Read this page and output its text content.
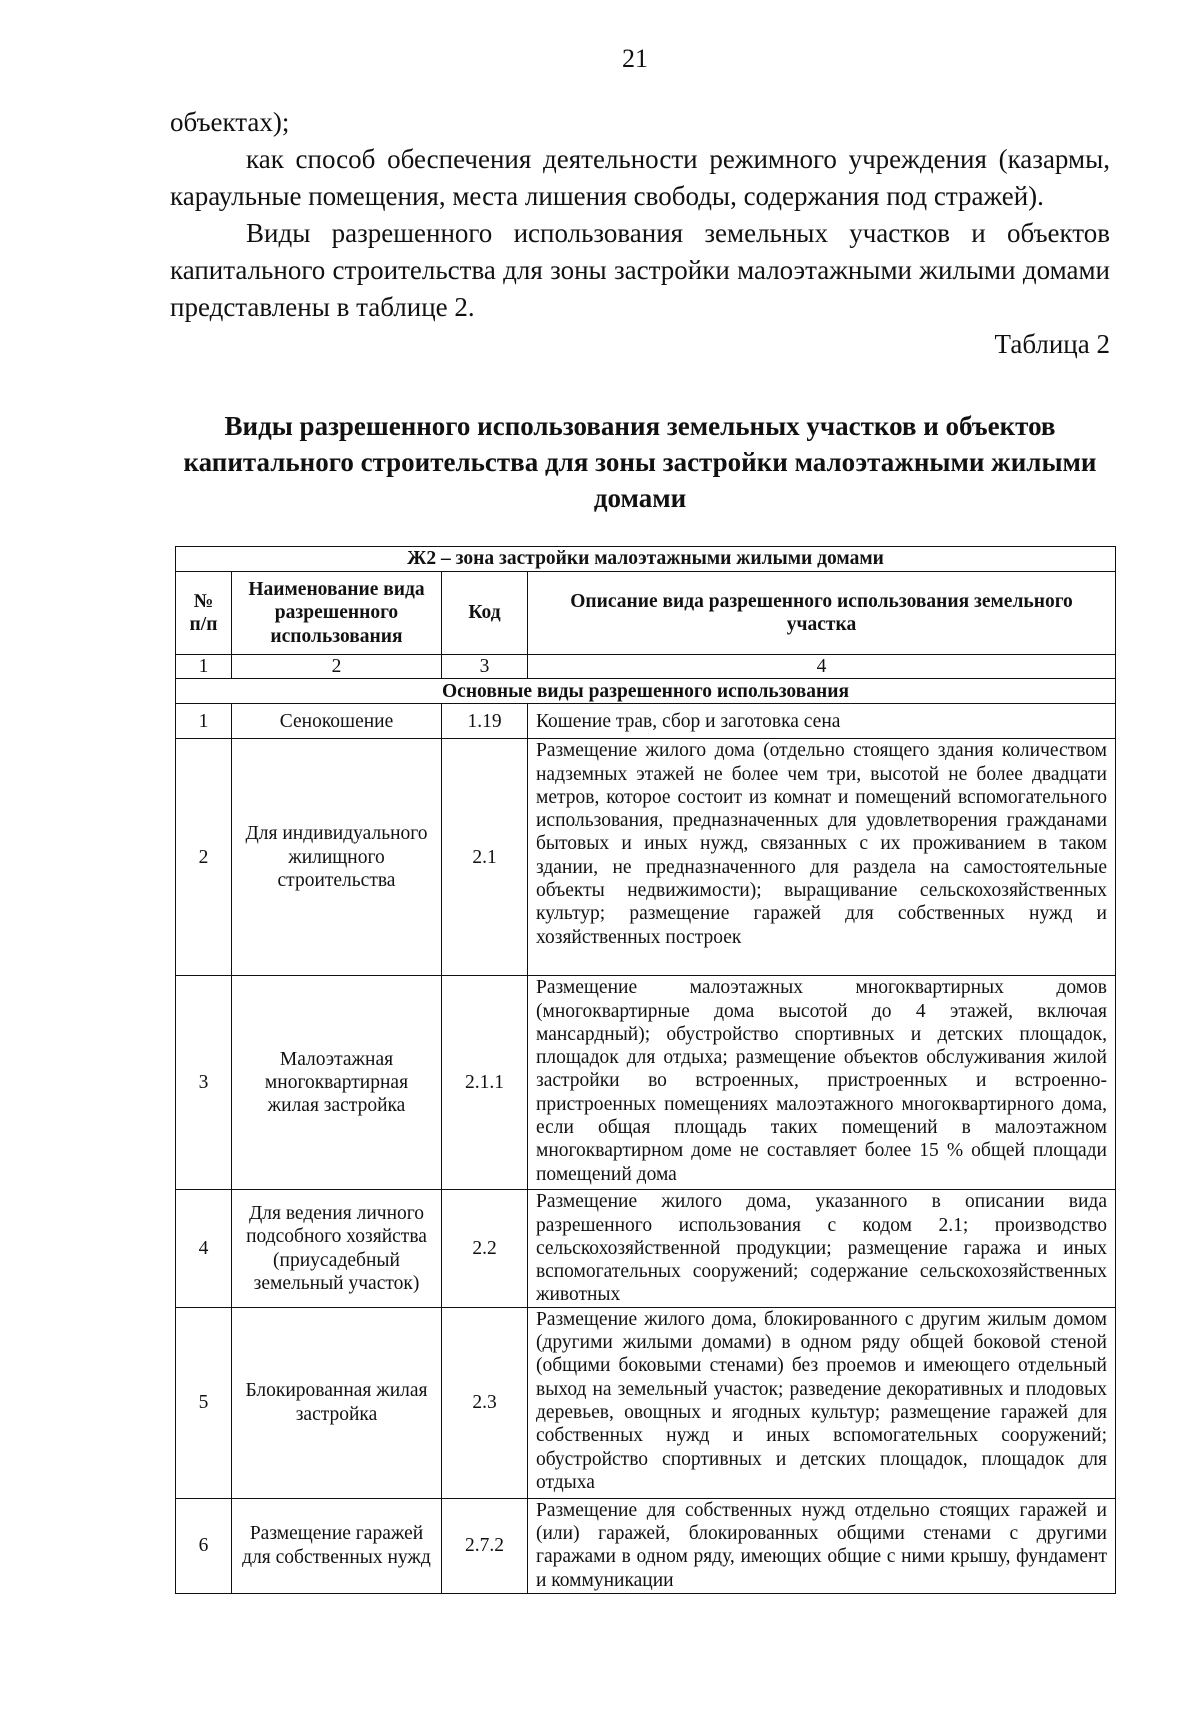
21

объектах);

как способ обеспечения деятельности режимного учреждения (казармы, караульные помещения, места лишения свободы, содержания под стражей).

Виды разрешенного использования земельных участков и объектов капитального строительства для зоны застройки малоэтажными жилыми домами представлены в таблице 2.

Таблица 2

Виды разрешенного использования земельных участков и объектов капитального строительства для зоны застройки малоэтажными жилыми домами
Ж2 – зона застройки малоэтажными жилыми домами			
№ п/п	Наименование вида разрешенного использования	Код	Описание вида разрешенного использования земельного участка
1	2	3	4
Основные виды разрешенного использования			
1	Сенокошение	1.19	Кошение трав, сбор и заготовка сена
2	Для индивидуального жилищного строительства	2.1	Размещение жилого дома (отдельно стоящего здания количеством надземных этажей не более чем три, высотой не более двадцати метров, которое состоит из комнат и помещений вспомогательного использования, предназначенных для удовлетворения гражданами бытовых и иных нужд, связанных с их проживанием в таком здании, не предназначенного для раздела на самостоятельные объекты недвижимости); выращивание сельскохозяйственных культур; размещение гаражей для собственных нужд и хозяйственных построек
3	Малоэтажная многоквартирная жилая застройка	2.1.1	Размещение малоэтажных многоквартирных домов (многоквартирные дома высотой до 4 этажей, включая мансардный); обустройство спортивных и детских площадок, площадок для отдыха; размещение объектов обслуживания жилой застройки во встроенных, пристроенных и встроенно-пристроенных помещениях малоэтажного многоквартирного дома, если общая площадь таких помещений в малоэтажном многоквартирном доме не составляет более 15 % общей площади помещений дома
4	Для ведения личного подсобного хозяйства (приусадебный земельный участок)	2.2	Размещение жилого дома, указанного в описании вида разрешенного использования с кодом 2.1; производство сельскохозяйственной продукции; размещение гаража и иных вспомогательных сооружений; содержание сельскохозяйственных животных
5	Блокированная жилая застройка	2.3	Размещение жилого дома, блокированного с другим жилым домом (другими жилыми домами) в одном ряду общей боковой стеной (общими боковыми стенами) без проемов и имеющего отдельный выход на земельный участок; разведение декоративных и плодовых деревьев, овощных и ягодных культур; размещение гаражей для собственных нужд и иных вспомогательных сооружений; обустройство спортивных и детских площадок, площадок для отдыха
6	Размещение гаражей для собственных нужд	2.7.2	Размещение для собственных нужд отдельно стоящих гаражей и (или) гаражей, блокированных общими стенами с другими гаражами в одном ряду, имеющих общие с ними крышу, фундамент и коммуникации
